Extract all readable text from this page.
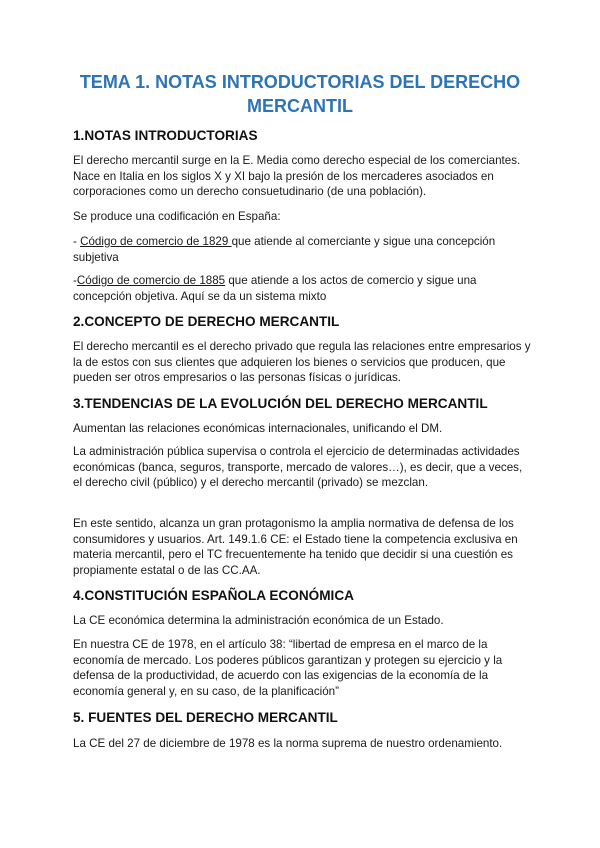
TEMA 1. NOTAS INTRODUCTORIAS DEL DERECHO MERCANTIL
1.NOTAS INTRODUCTORIAS

El derecho mercantil surge en la E. Media como derecho especial de los comerciantes. Nace en Italia en los siglos X y XI bajo la presión de los mercaderes asociados en corporaciones como un derecho consuetudinario (de una población).

Se produce una codificación en España:

- Código de comercio de 1829 que atiende al comerciante y sigue una concepción subjetiva

-Código de comercio de 1885 que atiende a los actos de comercio y sigue una concepción objetiva. Aquí se da un sistema mixto

2.CONCEPTO DE DERECHO MERCANTIL

El derecho mercantil es el derecho privado que regula las relaciones entre empresarios y la de estos con sus clientes que adquieren los bienes o servicios que producen, que pueden ser otros empresarios o las personas físicas o jurídicas.

3.TENDENCIAS DE LA EVOLUCIÓN DEL DERECHO MERCANTIL

Aumentan las relaciones económicas internacionales, unificando el DM.

La administración pública supervisa o controla el ejercicio de determinadas actividades económicas (banca, seguros, transporte, mercado de valores…), es decir, que a veces, el derecho civil (público) y el derecho mercantil (privado) se mezclan.

En este sentido, alcanza un gran protagonismo la amplia normativa de defensa de los consumidores y usuarios. Art. 149.1.6 CE: el Estado tiene la competencia exclusiva en materia mercantil, pero el TC frecuentemente ha tenido que decidir si una cuestión es propiamente estatal o de las CC.AA.

4.CONSTITUCIÓN ESPAÑOLA ECONÓMICA

La CE económica determina la administración económica de un Estado.

En nuestra CE de 1978, en el artículo 38: “libertad de empresa en el marco de la economía de mercado. Los poderes públicos garantizan y protegen su ejercicio y la defensa de la productividad, de acuerdo con las exigencias de la economía de la economía general y, en su caso, de la planificación”

5. FUENTES DEL DERECHO MERCANTIL

La CE del 27 de diciembre de 1978 es la norma suprema de nuestro ordenamiento.
